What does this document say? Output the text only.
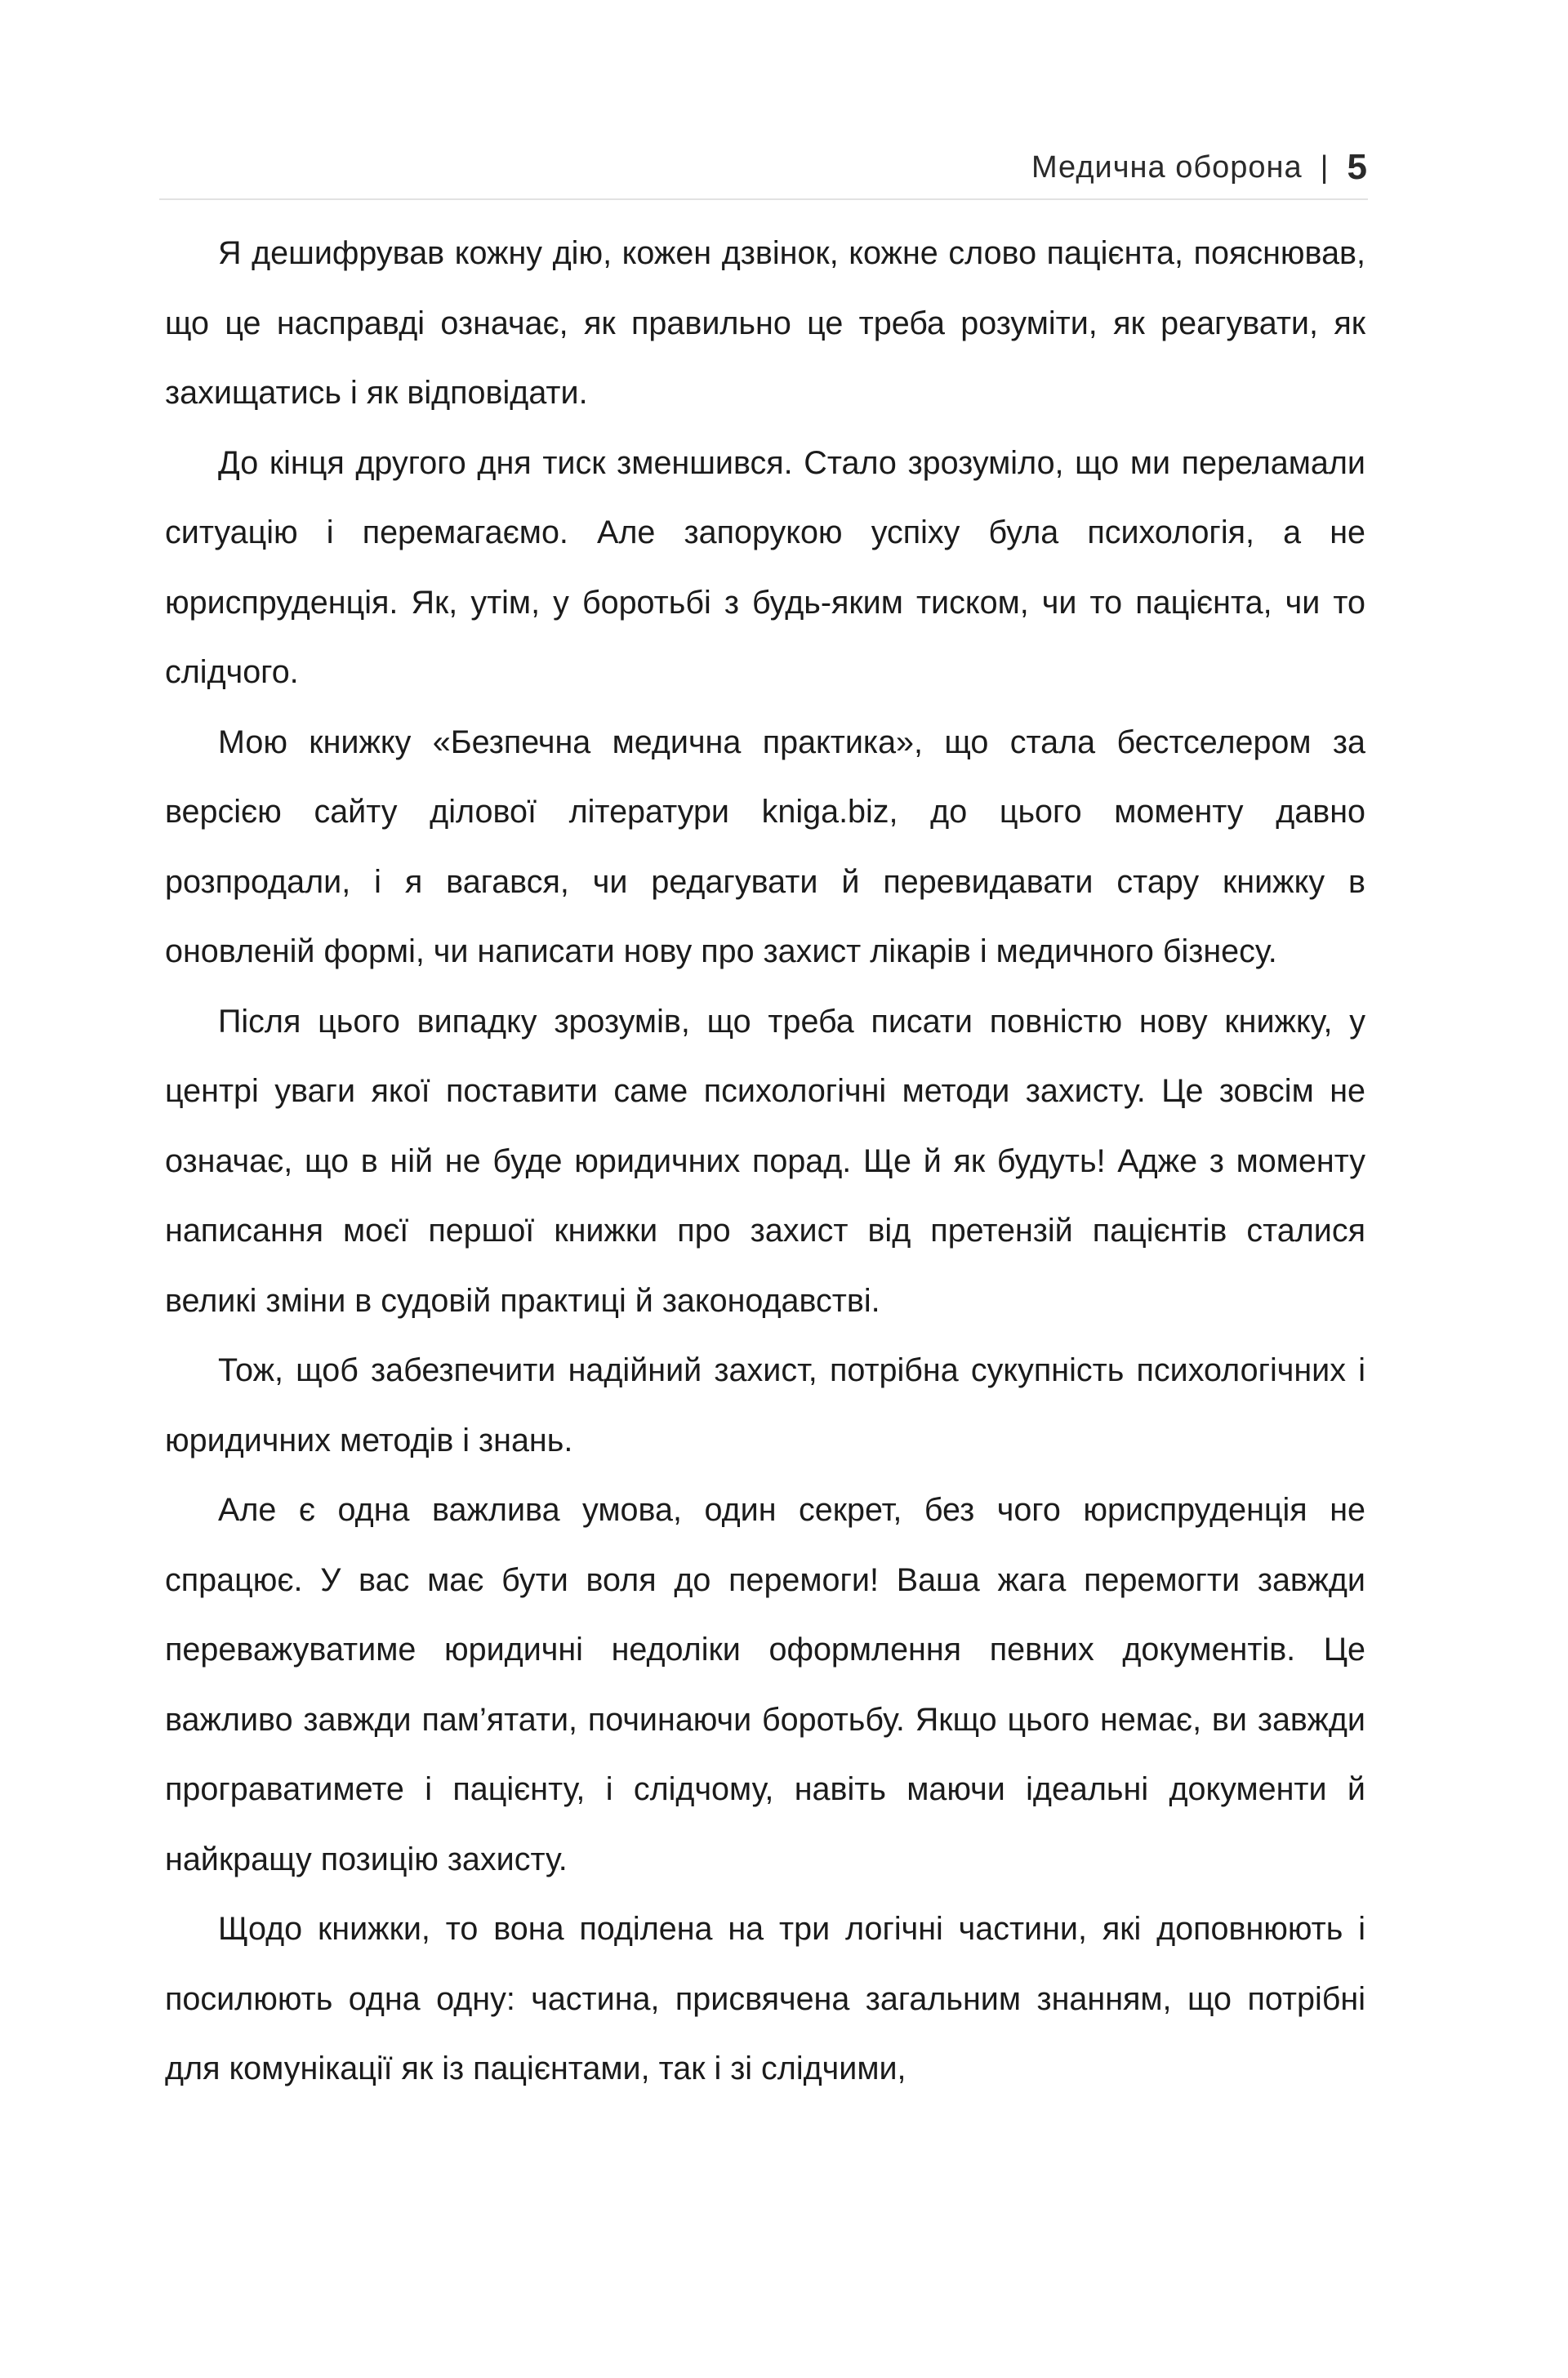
Медична оборона | 5

Я дешифрував кожну дію, кожен дзвінок, кожне слово пацієнта, пояснював, що це насправді означає, як правильно це треба розуміти, як реагувати, як захищатись і як відповідати.

До кінця другого дня тиск зменшився. Стало зрозуміло, що ми переламали ситуацію і перемагаємо. Але запорукою успіху була психологія, а не юриспруденція. Як, утім, у боротьбі з будь-яким тиском, чи то пацієнта, чи то слідчого.

Мою книжку «Безпечна медична практика», що стала бестселером за версією сайту ділової літератури kniga.biz, до цього моменту давно розпродали, і я вагався, чи редагувати й перевидавати стару книжку в оновленій формі, чи написати нову про захист лікарів і медичного бізнесу.

Після цього випадку зрозумів, що треба писати повністю нову книжку, у центрі уваги якої поставити саме психологічні методи захисту. Це зовсім не означає, що в ній не буде юридичних порад. Ще й як будуть! Адже з моменту написання моєї першої книжки про захист від претензій пацієнтів сталися великі зміни в судовій практиці й законодавстві.

Тож, щоб забезпечити надійний захист, потрібна сукупність психологічних і юридичних методів і знань.

Але є одна важлива умова, один секрет, без чого юриспруденція не спрацює. У вас має бути воля до перемоги! Ваша жага перемогти завжди переважуватиме юридичні недоліки оформлення певних документів. Це важливо завжди пам’ятати, починаючи боротьбу. Якщо цього немає, ви завжди програватимете і пацієнту, і слідчому, навіть маючи ідеальні документи й найкращу позицію захисту.

Щодо книжки, то вона поділена на три логічні частини, які доповнюють і посилюють одна одну: частина, присвячена загальним знанням, що потрібні для комунікації як із пацієнтами, так і зі слідчими,
